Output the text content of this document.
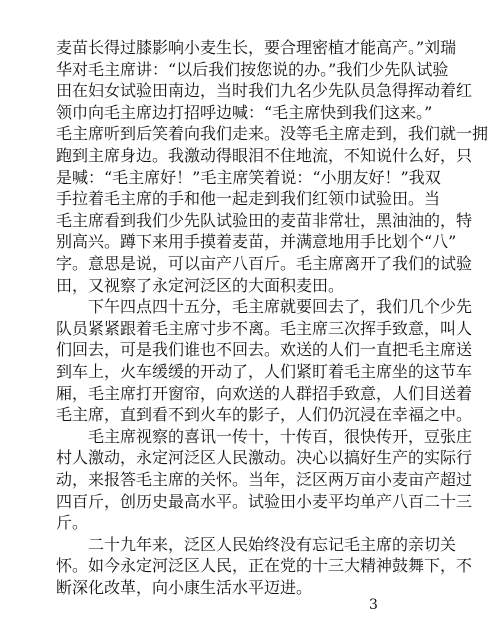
麦苗长得过膝影响小麦生长，要合理密植才能高产。”刘瑞
华对毛主席讲：“以后我们按您说的办。”我们少先队试验
田在妇女试验田南边，当时我们九名少先队员急得挥动着红
领巾向毛主席边打招呼边喊：“毛主席快到我们这来。”
毛主席听到后笑着向我们走来。没等毛主席走到，我们就一拥
跑到主席身边。我激动得眼泪不住地流，不知说什么好，只
是喊：“毛主席好！”毛主席笑着说：“小朋友好！”我双
手拉着毛主席的手和他一起走到我们红领巾试验田。当
毛主席看到我们少先队试验田的麦苗非常壮，黑油油的，特
别高兴。蹲下来用手摸着麦苗，并满意地用手比划个“八”
字。意思是说，可以亩产八百斤。毛主席离开了我们的试验
田，又视察了永定河泛区的大面积麦田。
下午四点四十五分，毛主席就要回去了，我们几个少先
队员紧紧跟着毛主席寸步不离。毛主席三次挥手致意，叫人
们回去，可是我们谁也不回去。欢送的人们一直把毛主席送
到车上，火车缓缓的开动了，人们紧盯着毛主席坐的这节车
厢，毛主席打开窗帘，向欢送的人群招手致意，人们目送着
毛主席，直到看不到火车的影子，人们仍沉浸在幸福之中。
毛主席视察的喜讯一传十，十传百，很快传开，豆张庄
村人激动，永定河泛区人民激动。决心以搞好生产的实际行
动，来报答毛主席的关怀。当年，泛区两万亩小麦亩产超过
四百斤，创历史最高水平。试验田小麦平均单产八百二十三
斤。
二十九年来，泛区人民始终没有忘记毛主席的亲切关
怀。如今永定河泛区人民，正在党的十三大精神鼓舞下，不
断深化改革，向小康生活水平迈进。
3
